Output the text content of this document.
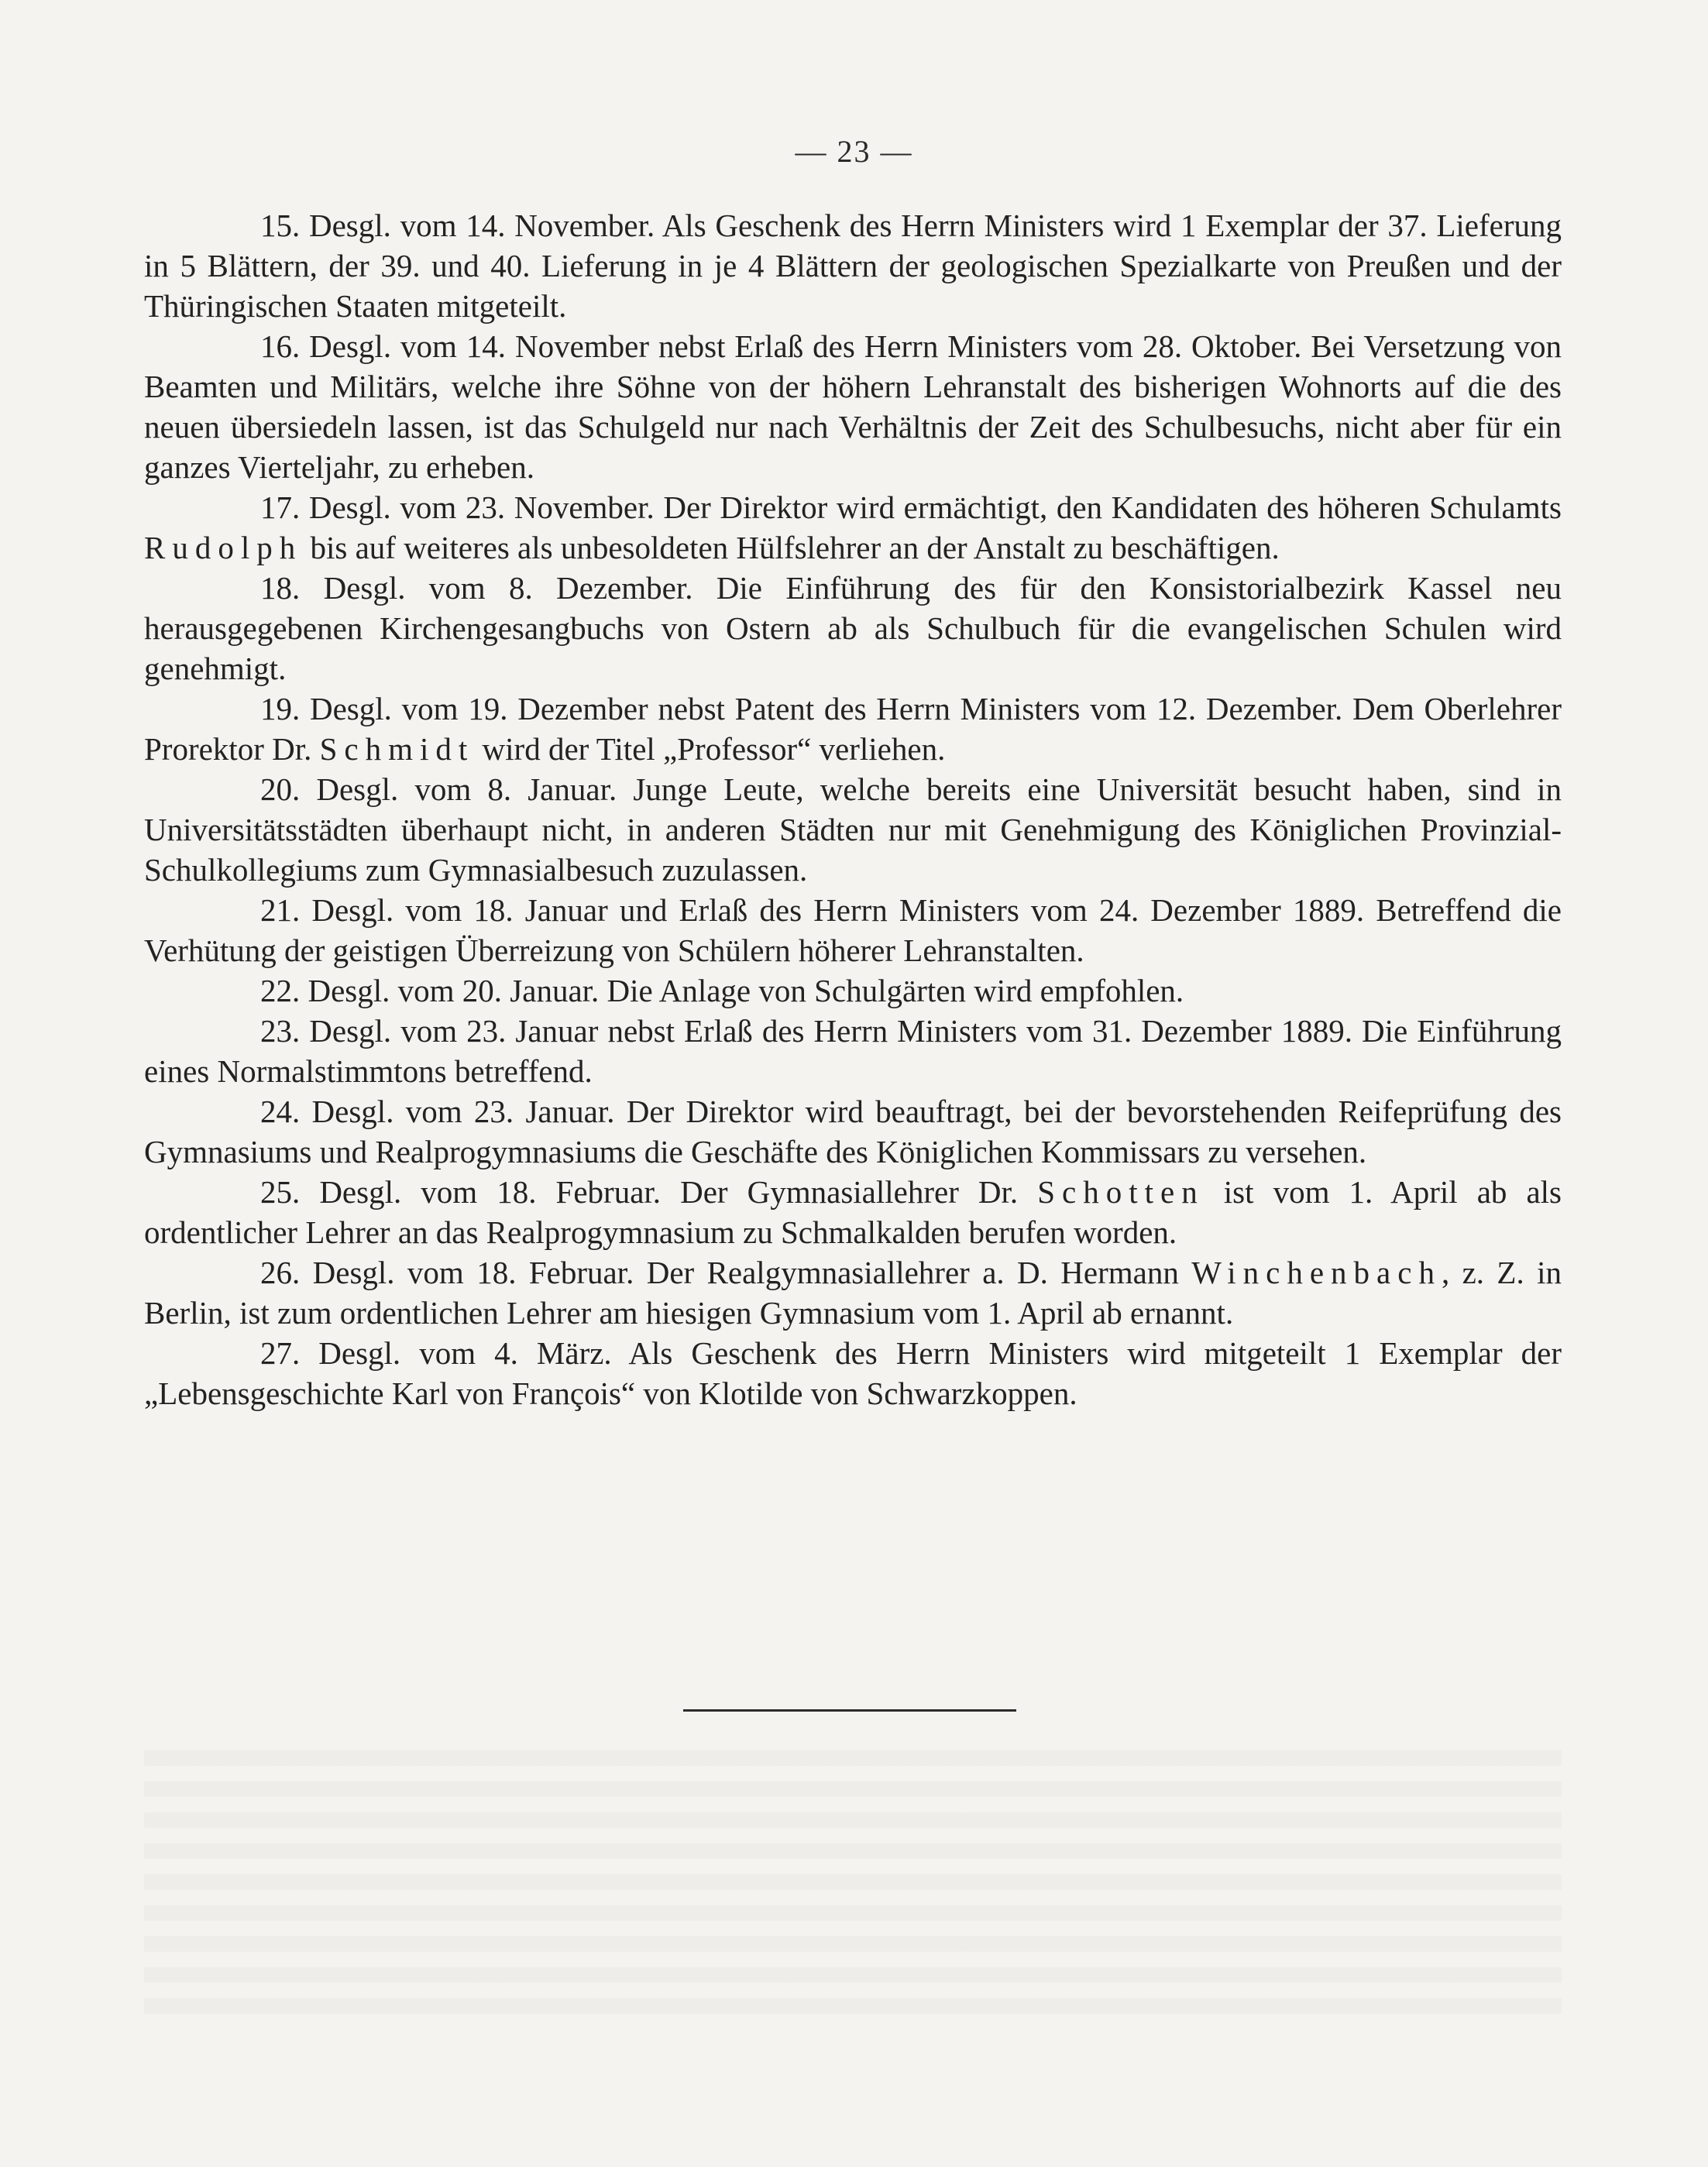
— 23 —

15. Desgl. vom 14. November. Als Geschenk des Herrn Ministers wird 1 Exemplar der 37. Lieferung in 5 Blättern, der 39. und 40. Lieferung in je 4 Blättern der geologischen Spezialkarte von Preußen und der Thüringischen Staaten mitgeteilt.

16. Desgl. vom 14. November nebst Erlaß des Herrn Ministers vom 28. Oktober. Bei Versetzung von Beamten und Militärs, welche ihre Söhne von der höhern Lehranstalt des bisherigen Wohnorts auf die des neuen übersiedeln lassen, ist das Schulgeld nur nach Verhältnis der Zeit des Schulbesuchs, nicht aber für ein ganzes Vierteljahr, zu erheben.

17. Desgl. vom 23. November. Der Direktor wird ermächtigt, den Kandidaten des höheren Schulamts Rudolph bis auf weiteres als unbesoldeten Hülfslehrer an der Anstalt zu beschäftigen.

18. Desgl. vom 8. Dezember. Die Einführung des für den Konsistorialbezirk Kassel neu herausgegebenen Kirchengesangbuchs von Ostern ab als Schulbuch für die evangelischen Schulen wird genehmigt.

19. Desgl. vom 19. Dezember nebst Patent des Herrn Ministers vom 12. Dezember. Dem Oberlehrer Prorektor Dr. Schmidt wird der Titel „Professor“ verliehen.

20. Desgl. vom 8. Januar. Junge Leute, welche bereits eine Universität besucht haben, sind in Universitätsstädten überhaupt nicht, in anderen Städten nur mit Genehmigung des Königlichen Provinzial-Schulkollegiums zum Gymnasialbesuch zuzulassen.

21. Desgl. vom 18. Januar und Erlaß des Herrn Ministers vom 24. Dezember 1889. Betreffend die Verhütung der geistigen Überreizung von Schülern höherer Lehranstalten.

22. Desgl. vom 20. Januar. Die Anlage von Schulgärten wird empfohlen.

23. Desgl. vom 23. Januar nebst Erlaß des Herrn Ministers vom 31. Dezember 1889. Die Einführung eines Normalstimmtons betreffend.

24. Desgl. vom 23. Januar. Der Direktor wird beauftragt, bei der bevorstehenden Reifeprüfung des Gymnasiums und Realprogymnasiums die Geschäfte des Königlichen Kommissars zu versehen.

25. Desgl. vom 18. Februar. Der Gymnasiallehrer Dr. Schotten ist vom 1. April ab als ordentlicher Lehrer an das Realprogymnasium zu Schmalkalden berufen worden.

26. Desgl. vom 18. Februar. Der Realgymnasiallehrer a. D. Hermann Winchenbach, z. Z. in Berlin, ist zum ordentlichen Lehrer am hiesigen Gymnasium vom 1. April ab ernannt.

27. Desgl. vom 4. März. Als Geschenk des Herrn Ministers wird mitgeteilt 1 Exemplar der „Lebensgeschichte Karl von François“ von Klotilde von Schwarzkoppen.
